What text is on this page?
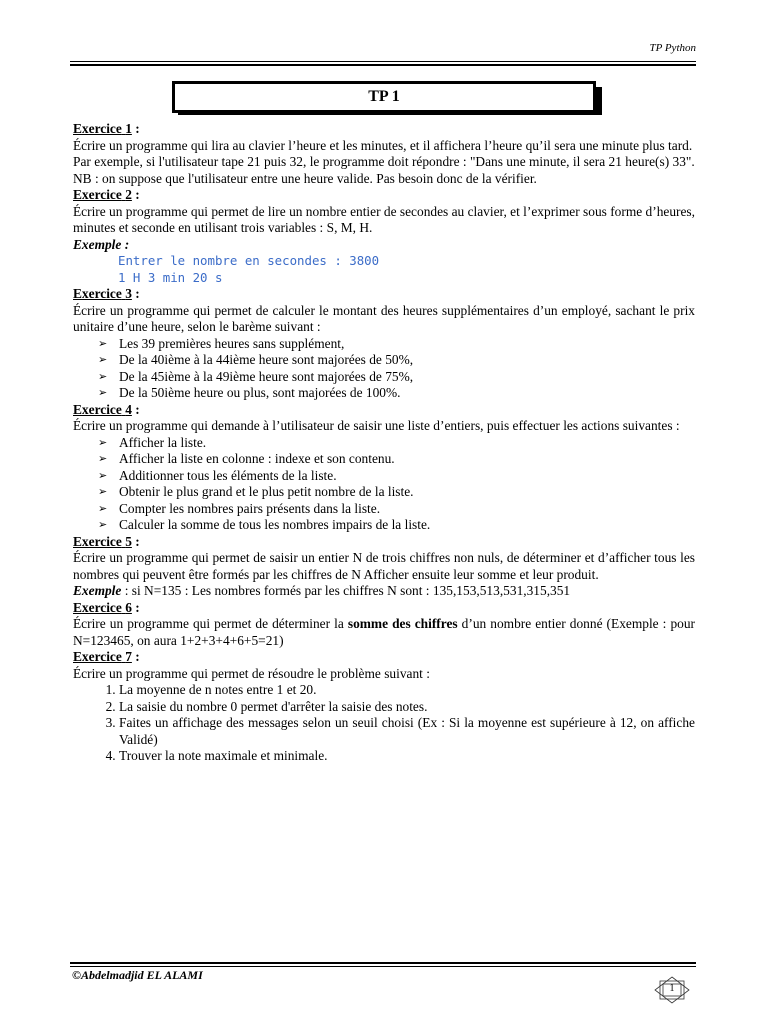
TP Python
TP 1

Exercice 1 :

Écrire un programme qui lira au clavier l’heure et les minutes, et il affichera l’heure qu’il sera une minute plus tard.

Par exemple, si l'utilisateur tape 21 puis 32, le programme doit répondre : "Dans une minute, il sera 21 heure(s) 33".

NB : on suppose que l'utilisateur entre une heure valide. Pas besoin donc de la vérifier.

Exercice 2 :

Écrire un programme qui permet de lire un nombre entier de secondes au clavier, et l’exprimer sous forme d’heures, minutes et seconde en utilisant trois variables : S, M, H.

Exemple :

Entrer le nombre en secondes : 3800
1 H 3 min 20 s

Exercice 3 :

Écrire un programme qui permet de calculer le montant des heures supplémentaires d’un employé, sachant le prix unitaire d’une heure, selon le barème suivant :

➢ Les 39 premières heures sans supplément,
➢ De la 40ième à la 44ième heure sont majorées de 50%,
➢ De la 45ième à la 49ième heure sont majorées de 75%,
➢ De la 50ième heure ou plus, sont majorées de 100%.

Exercice 4 :

Écrire un programme qui demande à l’utilisateur de saisir une liste d’entiers, puis effectuer les actions suivantes :

➢ Afficher la liste.
➢ Afficher la liste en colonne : indexe et son contenu.
➢ Additionner tous les éléments de la liste.
➢ Obtenir le plus grand et le plus petit nombre de la liste.
➢ Compter les nombres pairs présents dans la liste.
➢ Calculer la somme de tous les nombres impairs de la liste.

Exercice 5 :

Écrire un programme qui permet de saisir un entier N de trois chiffres non nuls, de déterminer et d’afficher tous les nombres qui peuvent être formés par les chiffres de N Afficher ensuite leur somme et leur produit.

Exemple : si N=135 : Les nombres formés par les chiffres N sont : 135,153,513,531,315,351

Exercice 6 :

Écrire un programme qui permet de déterminer la somme des chiffres d’un nombre entier donné (Exemple : pour N=123465, on aura 1+2+3+4+6+5=21)

Exercice 7 :

Écrire un programme qui permet de résoudre le problème suivant :

1. La moyenne de n notes entre 1 et 20.
2. La saisie du nombre 0 permet d'arrêter la saisie des notes.
3. Faites un affichage des messages selon un seuil choisi (Ex : Si la moyenne est supérieure à 12, on affiche Validé)
4. Trouver la note maximale et minimale.
©Abdelmadjid EL ALAMI
1
